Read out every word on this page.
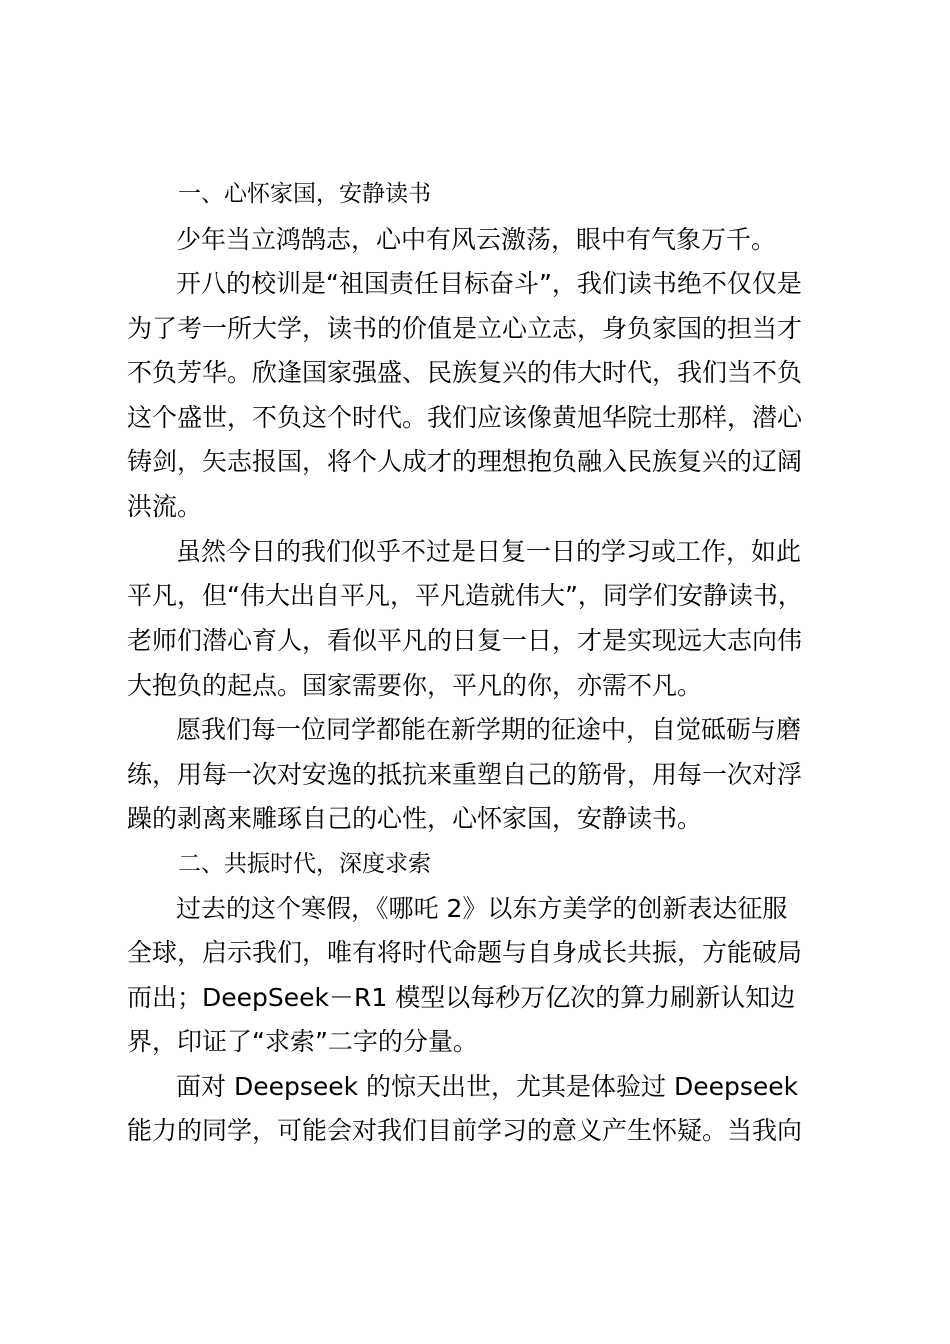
一、心怀家国，安静读书
少年当立鸿鹄志，心中有风云激荡，眼中有气象万千。
开八的校训是“祖国责任目标奋斗”，我们读书绝不仅仅是
为了考一所大学，读书的价值是立心立志，身负家国的担当才
不负芳华。欣逢国家强盛、民族复兴的伟大时代，我们当不负
这个盛世，不负这个时代。我们应该像黄旭华院士那样，潜心
铸剑，矢志报国，将个人成才的理想抱负融入民族复兴的辽阔
洪流。
虽然今日的我们似乎不过是日复一日的学习或工作，如此
平凡，但“伟大出自平凡，平凡造就伟大”，同学们安静读书，
老师们潜心育人，看似平凡的日复一日，才是实现远大志向伟
大抱负的起点。国家需要你，平凡的你，亦需不凡。
愿我们每一位同学都能在新学期的征途中，自觉砥砺与磨
练，用每一次对安逸的抵抗来重塑自己的筋骨，用每一次对浮
躁的剥离来雕琢自己的心性，心怀家国，安静读书。
二、共振时代，深度求索
过去的这个寒假，《哪吒 2》以东方美学的创新表达征服
全球，启示我们，唯有将时代命题与自身成长共振，方能破局
而出；DeepSeek－R1 模型以每秒万亿次的算力刷新认知边
界，印证了“求索”二字的分量。
面对 Deepseek 的惊天出世，尤其是体验过 Deepseek
能力的同学，可能会对我们目前学习的意义产生怀疑。当我向
